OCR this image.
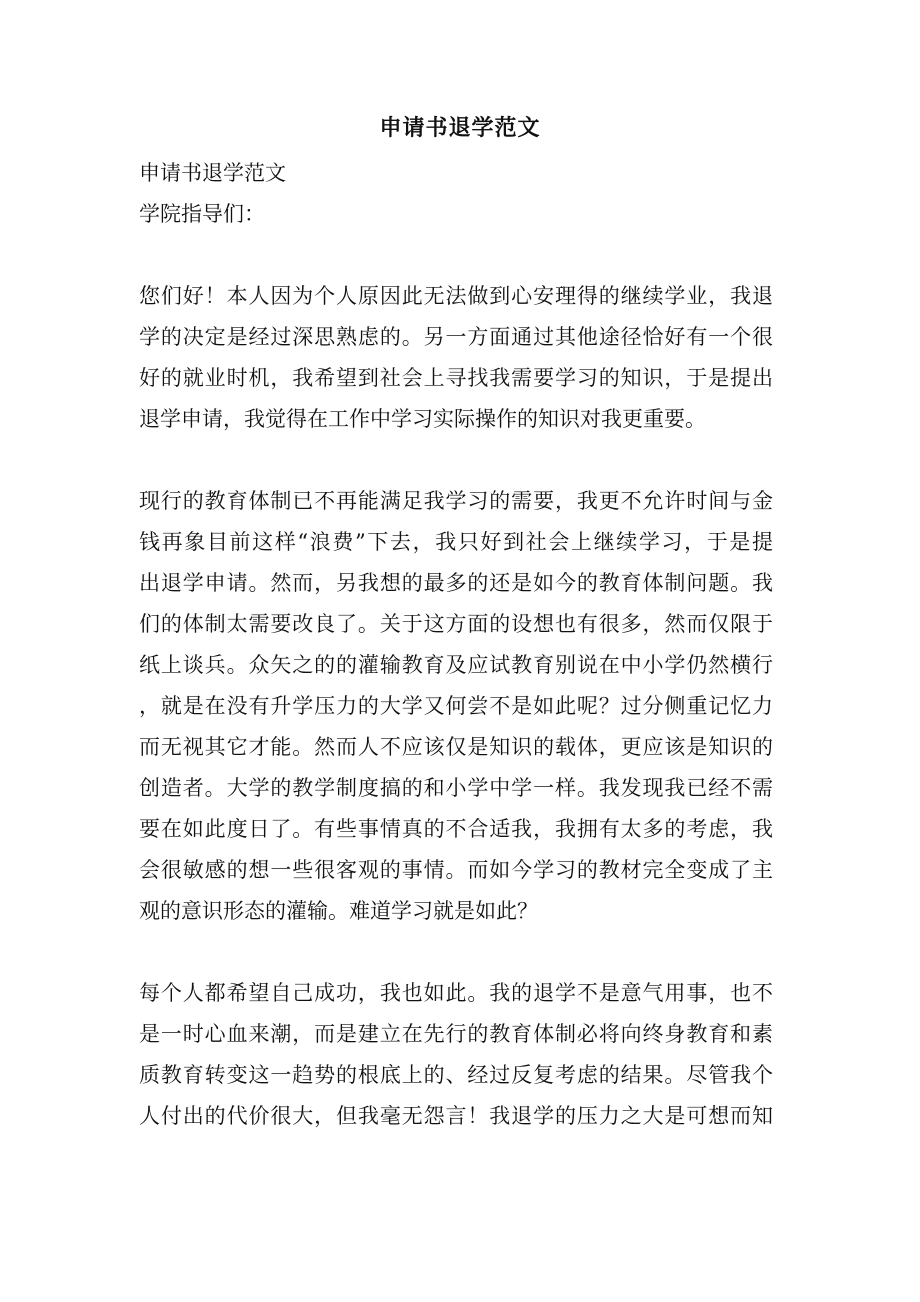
申请书退学范文
申请书退学范文
学院指导们：
您们好！本人因为个人原因此无法做到心安理得的继续学业，我退
学的决定是经过深思熟虑的。另一方面通过其他途径恰好有一个很
好的就业时机，我希望到社会上寻找我需要学习的知识，于是提出
退学申请，我觉得在工作中学习实际操作的知识对我更重要。
现行的教育体制已不再能满足我学习的需要，我更不允许时间与金
钱再象目前这样“浪费”下去，我只好到社会上继续学习，于是提
出退学申请。然而，另我想的最多的还是如今的教育体制问题。我
们的体制太需要改良了。关于这方面的设想也有很多，然而仅限于
纸上谈兵。众矢之的的灌输教育及应试教育别说在中小学仍然横行
，就是在没有升学压力的大学又何尝不是如此呢？过分侧重记忆力
而无视其它才能。然而人不应该仅是知识的载体，更应该是知识的
创造者。大学的教学制度搞的和小学中学一样。我发现我已经不需
要在如此度日了。有些事情真的不合适我，我拥有太多的考虑，我
会很敏感的想一些很客观的事情。而如今学习的教材完全变成了主
观的意识形态的灌输。难道学习就是如此？
每个人都希望自己成功，我也如此。我的退学不是意气用事，也不
是一时心血来潮，而是建立在先行的教育体制必将向终身教育和素
质教育转变这一趋势的根底上的、经过反复考虑的结果。尽管我个
人付出的代价很大，但我毫无怨言！我退学的压力之大是可想而知
